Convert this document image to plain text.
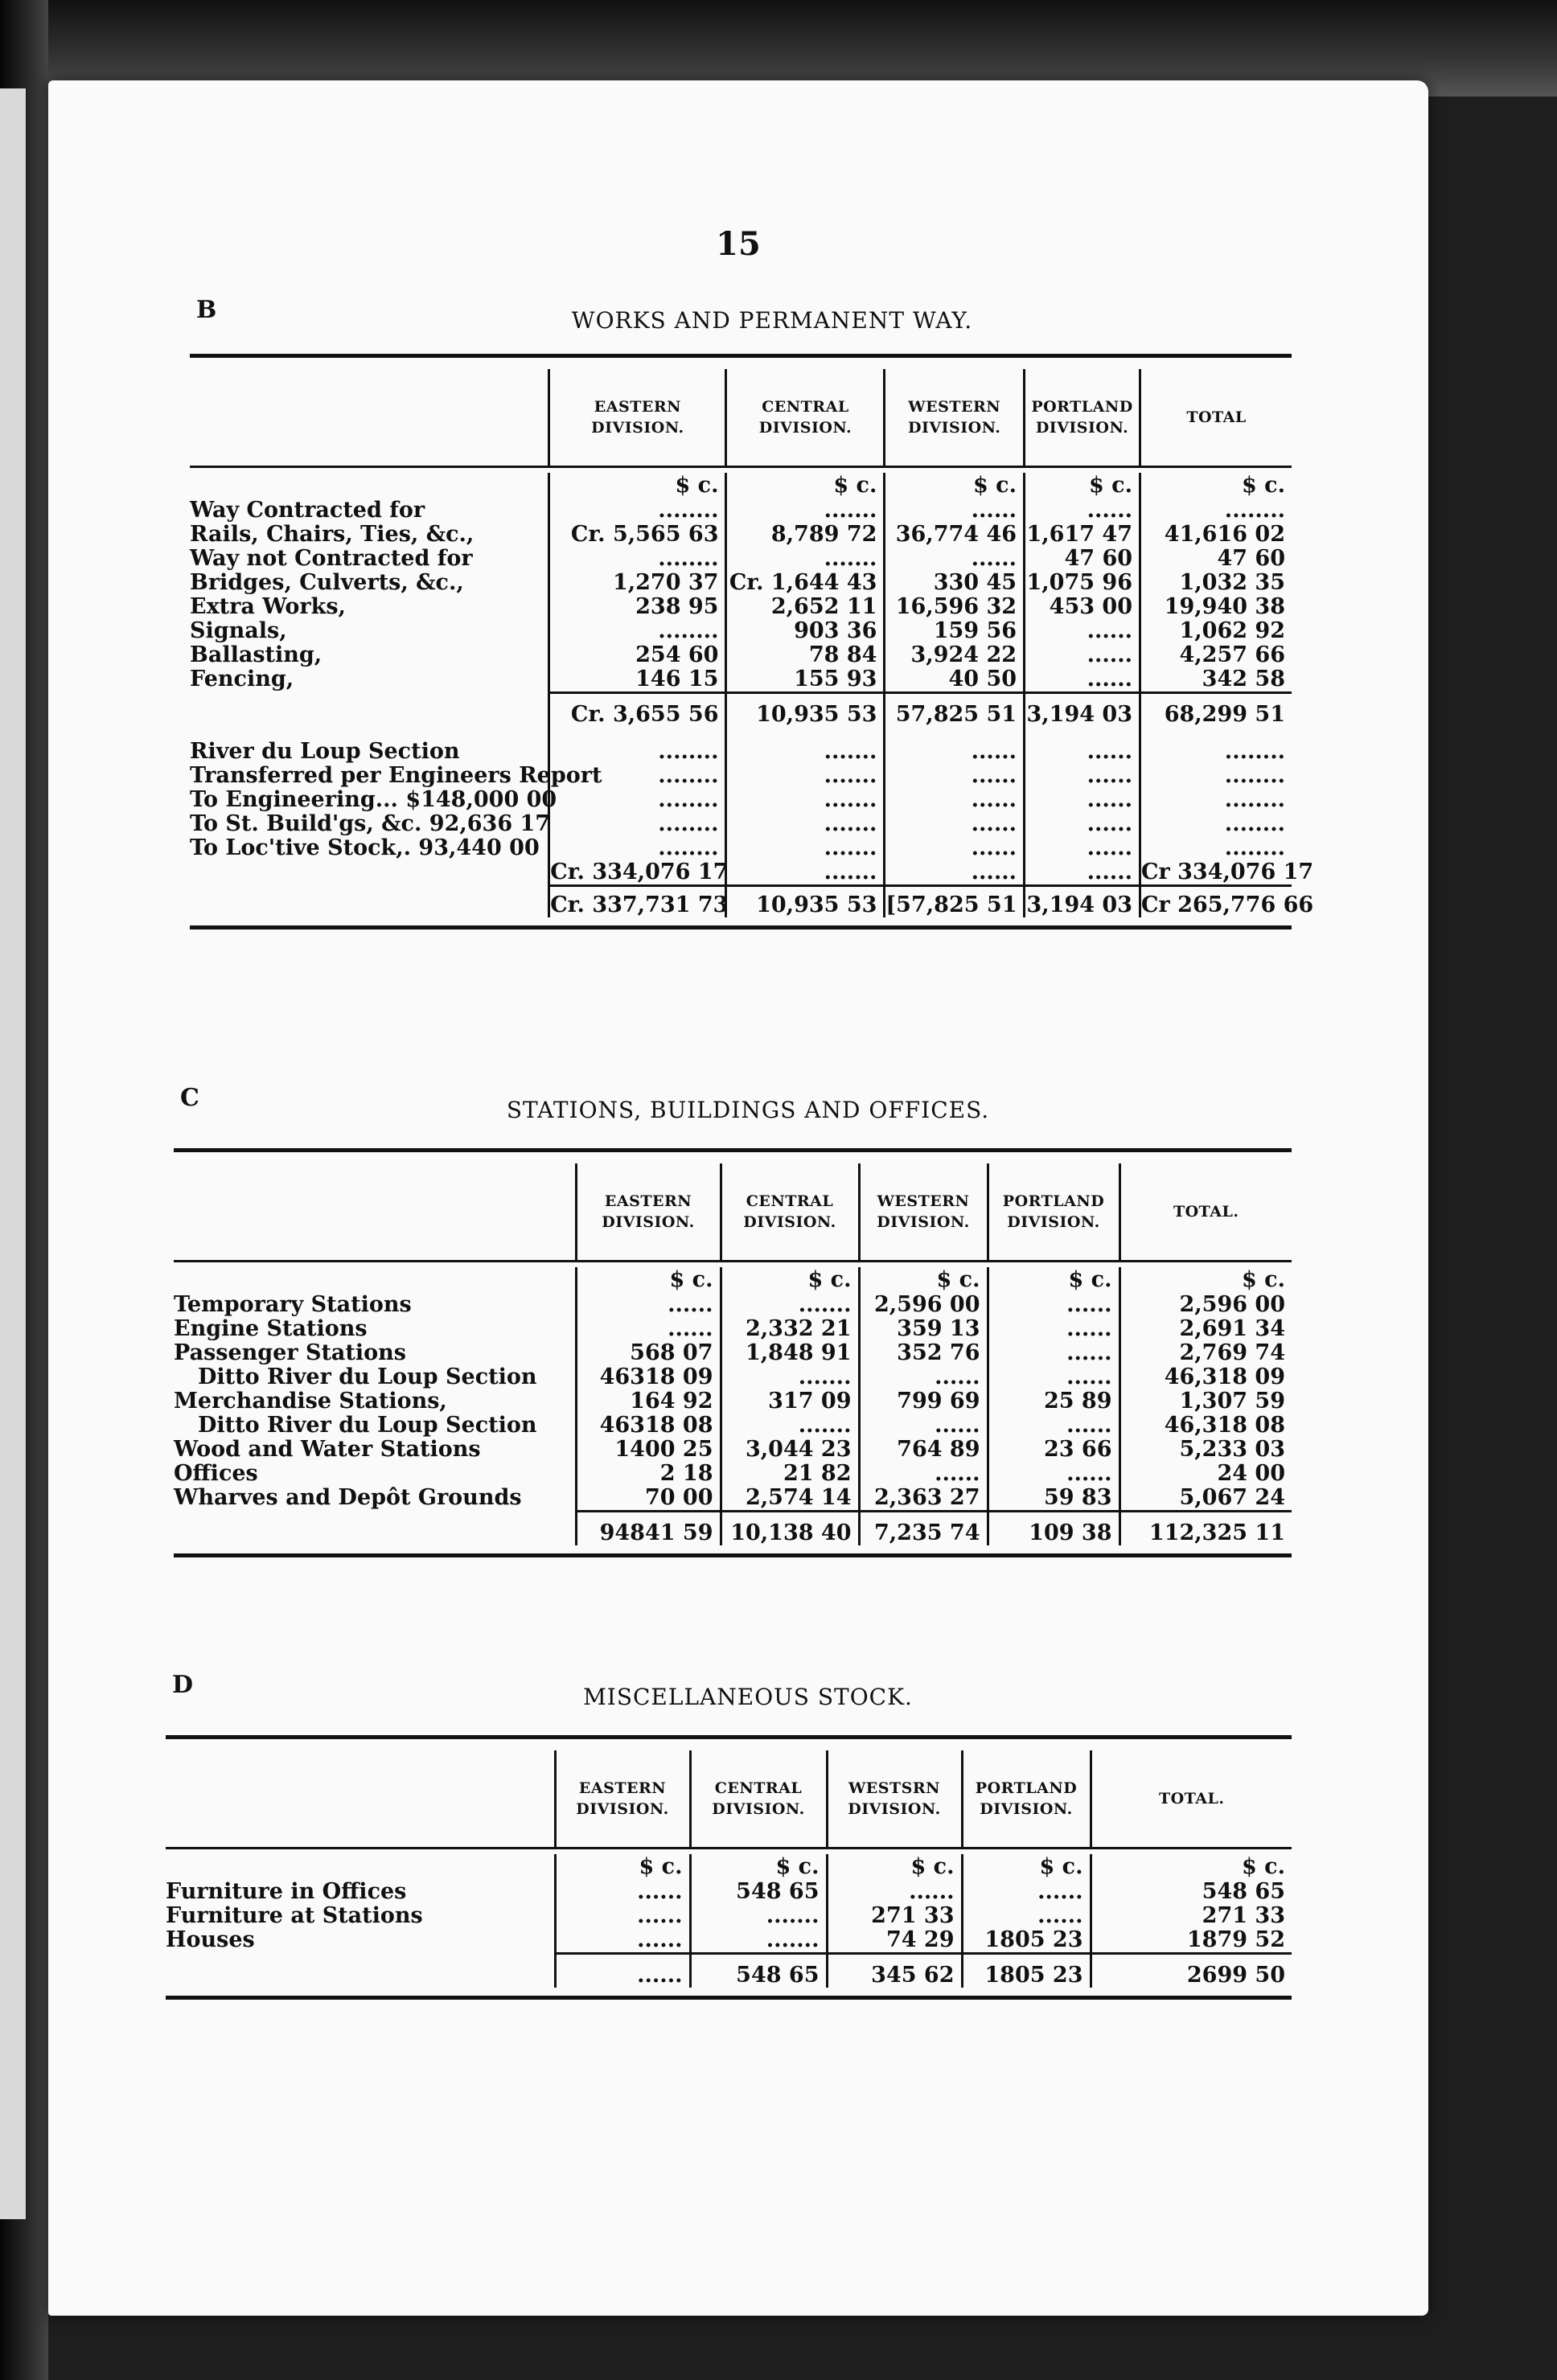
15
B	WORKS AND PERMANENT WAY.

	EASTERN DIVISION.	CENTRAL DIVISION.	WESTERN DIVISION.	PORTLAND DIVISION.	TOTAL

	$ c.	$ c.	$ c.	$ c.	$ c.
Way Contracted for	........	.......	......	......	........
Rails, Chairs, Ties, &c.,	Cr. 5,565 63	8,789 72	36,774 46	1,617 47	41,616 02
Way not Contracted for	........	.......	......	47 60	47 60
Bridges, Culverts, &c.,	1,270 37	Cr. 1,644 43	330 45	1,075 96	1,032 35
Extra Works,	238 95	2,652 11	16,596 32	453 00	19,940 38
Signals,	........	903 36	159 56	......	1,062 92
Ballasting,	254 60	78 84	3,924 22	......	4,257 66
Fencing,	146 15	155 93	40 50	......	342 58

	Cr. 3,655 56	10,935 53	57,825 51	3,194 03	68,299 51

River du Loup Section	........	.......	......	......	........
Transferred per Engineers Report	........	.......	......	......	........
To Engineering... $148,000 00	........	.......	......	......	........
To St. Build'gs, &c. 92,636 17	........	.......	......	......	........
To Loc'tive Stock,. 93,440 00	........	.......	......	......	........
	Cr. 334,076 17	.......	......	......	Cr 334,076 17

	Cr. 337,731 73	10,935 53	[57,825 51	3,194 03	Cr 265,776 66

C	STATIONS, BUILDINGS AND OFFICES.

	EASTERN DIVISION.	CENTRAL DIVISION.	WESTERN DIVISION.	PORTLAND DIVISION.	TOTAL.

	$ c.	$ c.	$ c.	$ c.	$ c.
Temporary Stations	......	.......	2,596 00	......	2,596 00
Engine Stations	......	2,332 21	359 13	......	2,691 34
Passenger Stations	568 07	1,848 91	352 76	......	2,769 74
Ditto River du Loup Section	46318 09	.......	......	......	46,318 09
Merchandise Stations,	164 92	317 09	799 69	25 89	1,307 59
Ditto River du Loup Section	46318 08	.......	......	......	46,318 08
Wood and Water Stations	1400 25	3,044 23	764 89	23 66	5,233 03
Offices	2 18	21 82	......	......	24 00
Wharves and Depôt Grounds	70 00	2,574 14	2,363 27	59 83	5,067 24

	94841 59	10,138 40	7,235 74	109 38	112,325 11

D	MISCELLANEOUS STOCK.

	EASTERN DIVISION.	CENTRAL DIVISION.	WESTSRN DIVISION.	PORTLAND DIVISION.	TOTAL.

	$ c.	$ c.	$ c.	$ c.	$ c.
Furniture in Offices	......	548 65	......	......	548 65
Furniture at Stations	......	.......	271 33	......	271 33
Houses	......	.......	74 29	1805 23	1879 52

	......	548 65	345 62	1805 23	2699 50
